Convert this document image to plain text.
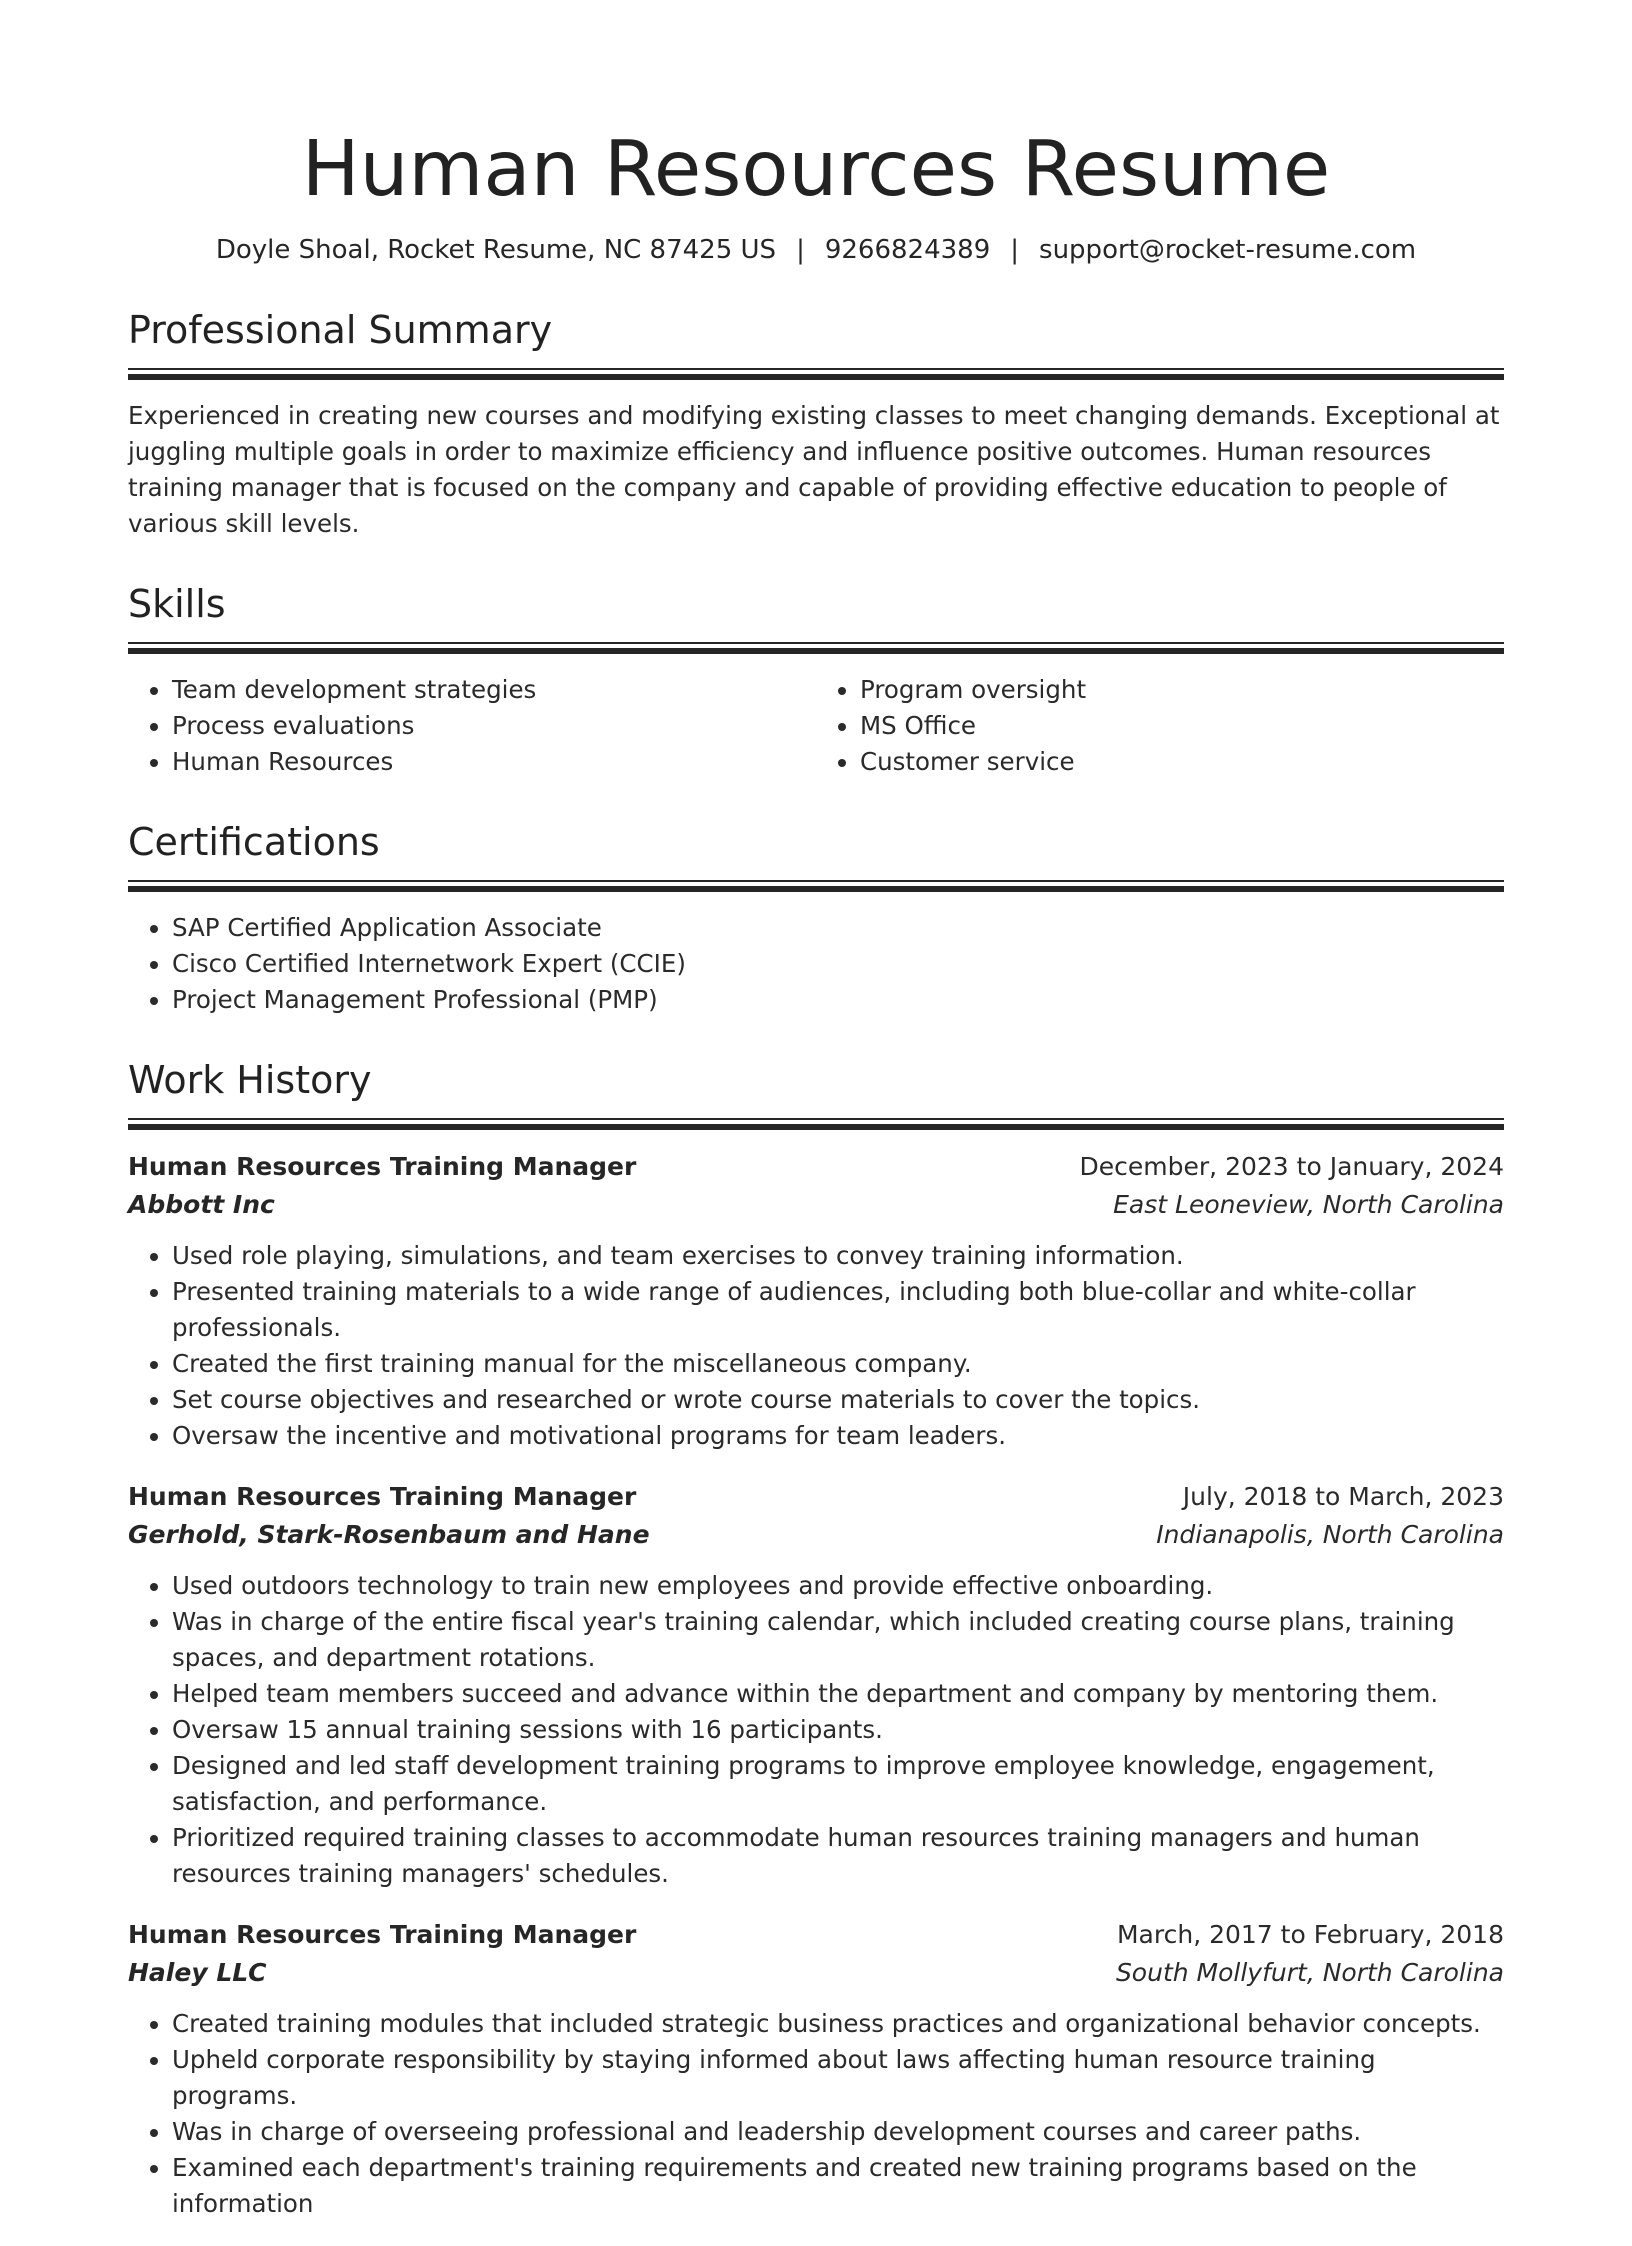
Human Resources Resume
Doyle Shoal, Rocket Resume, NC 87425 US | 9266824389 | support@rocket-resume.com
Professional Summary
Experienced in creating new courses and modifying existing classes to meet changing demands. Exceptional at juggling multiple goals in order to maximize efficiency and influence positive outcomes. Human resources training manager that is focused on the company and capable of providing effective education to people of various skill levels.
Skills
• Team development strategies
• Process evaluations
• Human Resources
• Program oversight
• MS Office
• Customer service
Certifications
• SAP Certified Application Associate
• Cisco Certified Internetwork Expert (CCIE)
• Project Management Professional (PMP)
Work History
Human Resources Training Manager	December, 2023 to January, 2024
Abbott Inc	East Leoneview, North Carolina
• Used role playing, simulations, and team exercises to convey training information.
• Presented training materials to a wide range of audiences, including both blue-collar and white-collar professionals.
• Created the first training manual for the miscellaneous company.
• Set course objectives and researched or wrote course materials to cover the topics.
• Oversaw the incentive and motivational programs for team leaders.
Human Resources Training Manager	July, 2018 to March, 2023
Gerhold, Stark-Rosenbaum and Hane	Indianapolis, North Carolina
• Used outdoors technology to train new employees and provide effective onboarding.
• Was in charge of the entire fiscal year's training calendar, which included creating course plans, training spaces, and department rotations.
• Helped team members succeed and advance within the department and company by mentoring them.
• Oversaw 15 annual training sessions with 16 participants.
• Designed and led staff development training programs to improve employee knowledge, engagement, satisfaction, and performance.
• Prioritized required training classes to accommodate human resources training managers and human resources training managers' schedules.
Human Resources Training Manager	March, 2017 to February, 2018
Haley LLC	South Mollyfurt, North Carolina
• Created training modules that included strategic business practices and organizational behavior concepts.
• Upheld corporate responsibility by staying informed about laws affecting human resource training programs.
• Was in charge of overseeing professional and leadership development courses and career paths.
• Examined each department's training requirements and created new training programs based on the information
